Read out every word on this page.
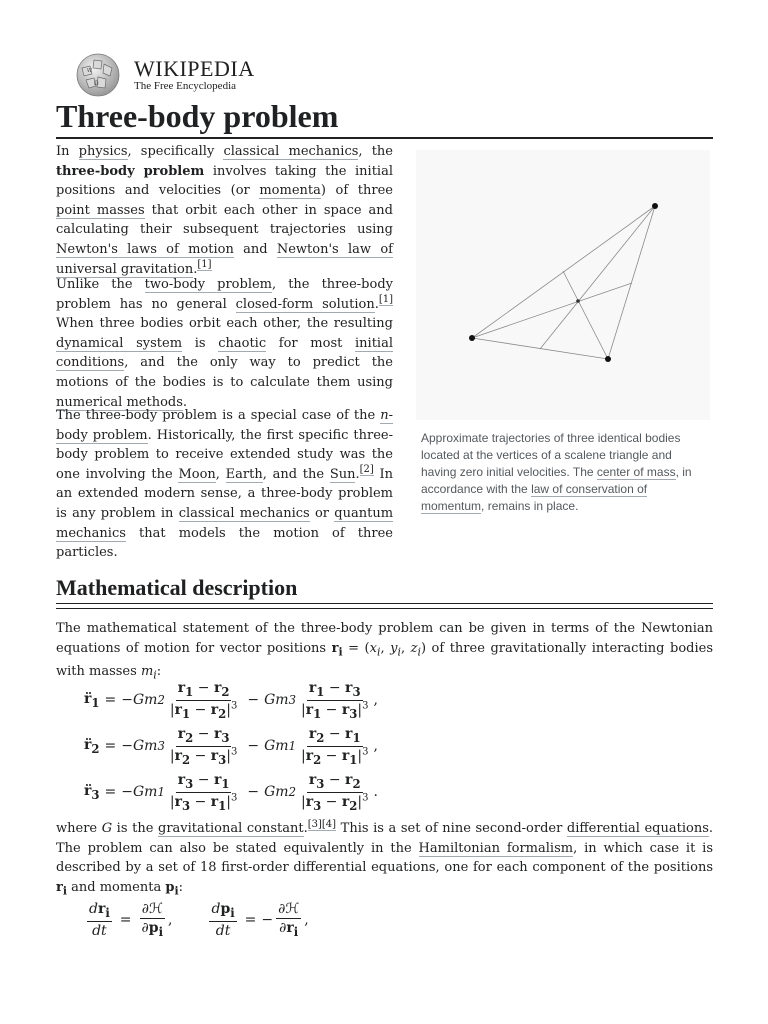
Ω
W WIKIPEDIA
The Free Encyclopedia
Three-body problem

In physics, specifically classical mechanics, the three-body problem involves taking the initial positions and velocities (or momenta) of three point masses that orbit each other in space and calculating their subsequent trajectories using Newton's laws of motion and Newton's law of universal gravitation.[1]

Unlike the two-body problem, the three-body problem has no general closed-form solution.[1] When three bodies orbit each other, the resulting dynamical system is chaotic for most initial conditions, and the only way to predict the motions of the bodies is to calculate them using numerical methods.

The three-body problem is a special case of the n-body problem. Historically, the first specific three-body problem to receive extended study was the one involving the Moon, Earth, and the Sun.[2] In an extended modern sense, a three-body problem is any problem in classical mechanics or quantum mechanics that models the motion of three particles.

Approximate trajectories of three identical bodies located at the vertices of a scalene triangle and having zero initial velocities. The center of mass, in accordance with the law of conservation of momentum, remains in place.

Mathematical description

The mathematical statement of the three-body problem can be given in terms of the Newtonian equations of motion for vector positions $r_i = (x_i$, $y_i$, $z_i$) of three gravitationally interacting bodies with masses $m_i$:

$r̈_1$ = − G m $2 \frac{r_1 - r_2}{|r_1 - r_2|^3} - G$ m $3 \frac{r_1 - r_3}{|r_1 - r_3|^3}$ ,
$r̈_2$ = − G m $3 \frac{r_2 - r_3}{|r_2 - r_3|^3} - G$ m $1 \frac{r_2 - r_1}{|r_2 - r_1|^3}$ ,
$r̈_3$ = − G m $1 \frac{r_3 - r_1}{|r_3 - r_1|^3} - G$ m $2 \frac{r_3 - r_2}{|r_3 - r_2|^3}$ .

where G is the gravitational constant.[3][4] This is a set of nine second-order differential equations. The problem can also be stated equivalently in the Hamiltonian formalism, in which case it is described by a set of 18 first-order differential equations, one for each component of the positions $r_i$ and momenta $p_i$:

$\frac{dr_i}{dt} = \frac{\text{∂ℋ}}{\partial p_i}$ ,	$\frac{dp_i}{dt}$ = − $\frac{\text{∂ℋ}}{\partial r_i}$ ,
